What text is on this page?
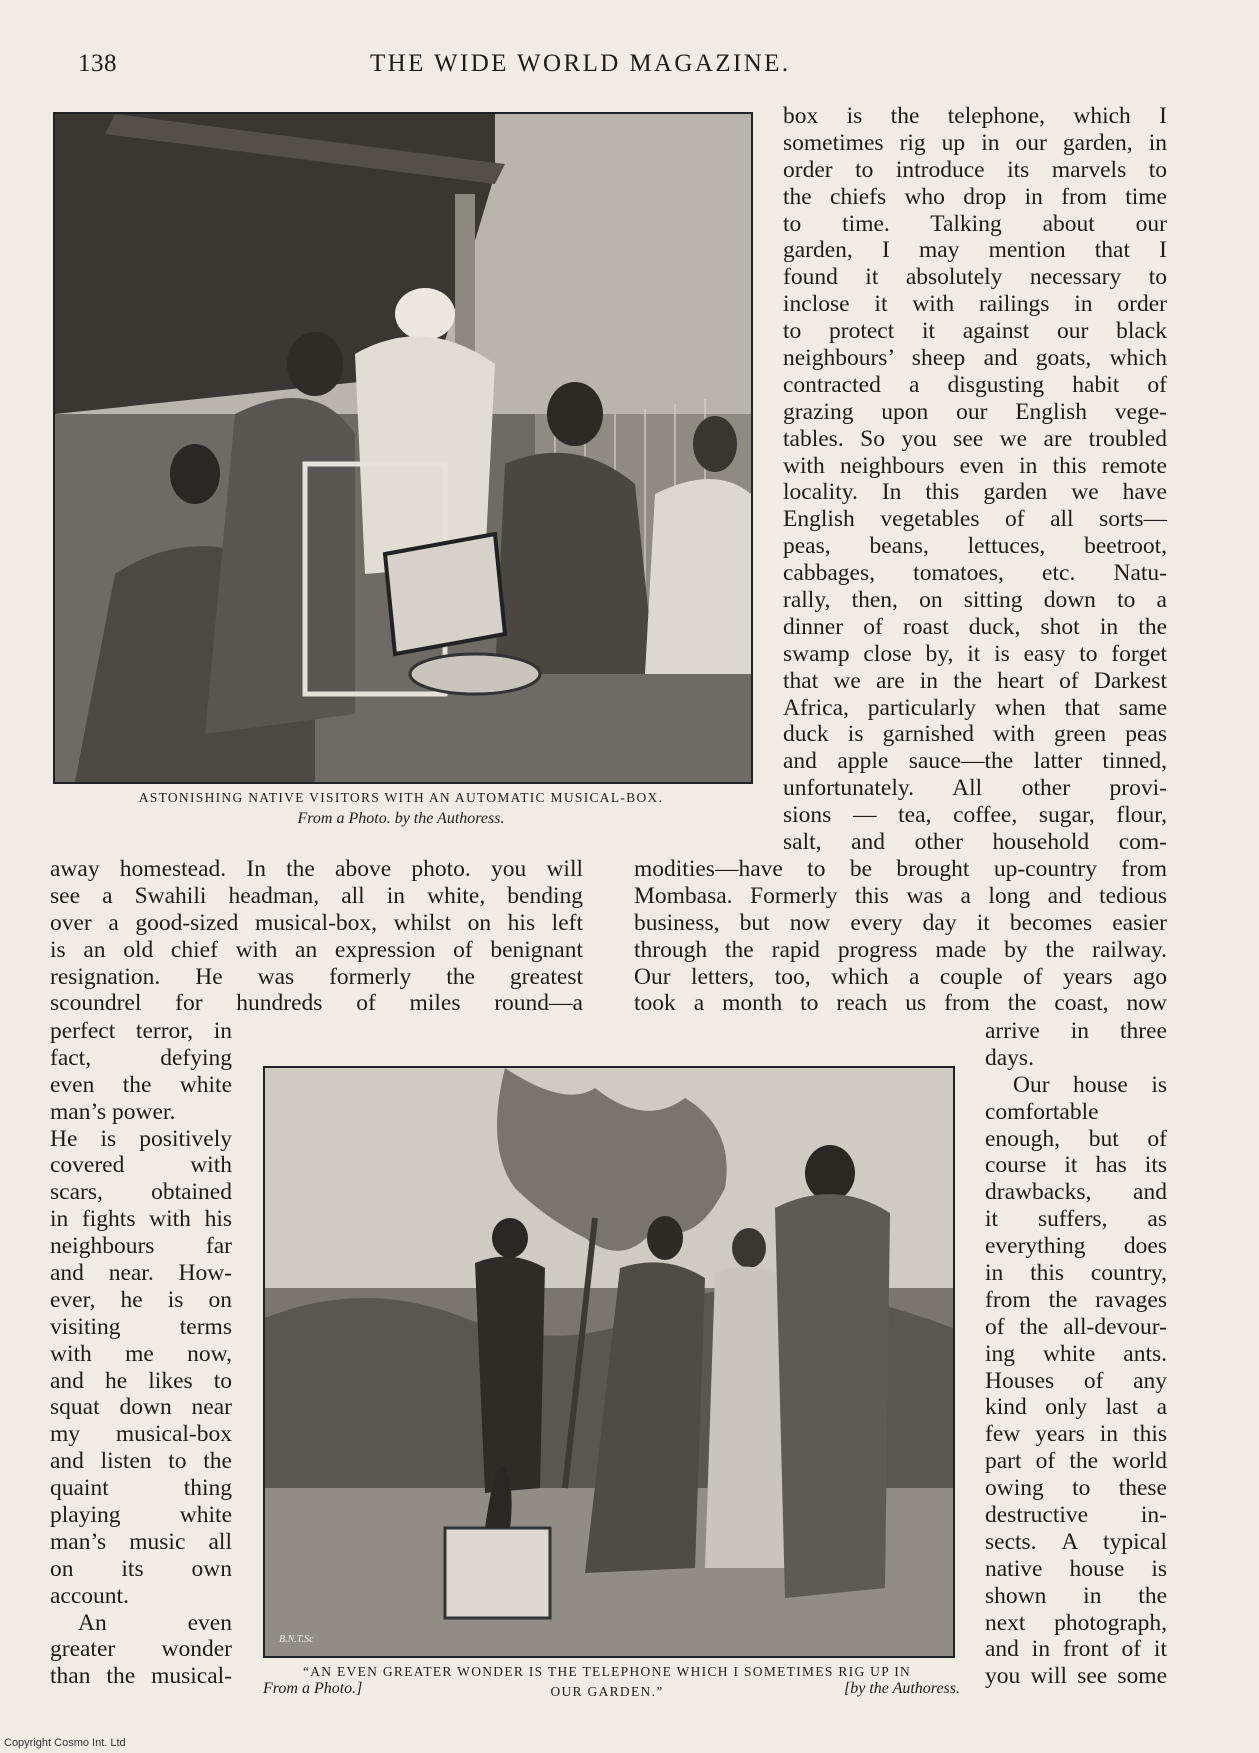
138	THE WIDE WORLD MAGAZINE.
ASTONISHING NATIVE VISITORS WITH AN AUTOMATIC MUSICAL-BOX.
From a Photo. by the Authoress.
box is the telephone, which I
sometimes rig up in our garden, in
order to introduce its marvels to
the chiefs who drop in from time
to time. Talking about our
garden, I may mention that I
found it absolutely necessary to
inclose it with railings in order
to protect it against our black
neighbours’ sheep and goats, which
contracted a disgusting habit of
grazing upon our English vege-
tables. So you see we are troubled
with neighbours even in this remote
locality. In this garden we have
English vegetables of all sorts—
peas, beans, lettuces, beetroot,
cabbages, tomatoes, etc. Natu-
rally, then, on sitting down to a
dinner of roast duck, shot in the
swamp close by, it is easy to forget
that we are in the heart of Darkest
Africa, particularly when that same
duck is garnished with green peas
and apple sauce—the latter tinned,
unfortunately. All other provi-
sions — tea, coffee, sugar, flour,
salt, and other household com-
modities—have to be brought up-country from
Mombasa. Formerly this was a long and tedious
business, but now every day it becomes easier
through the rapid progress made by the railway.
Our letters, too, which a couple of years ago
took a month to reach us from the coast, now
away homestead. In the above photo. you will
see a Swahili headman, all in white, bending
over a good-sized musical-box, whilst on his left
is an old chief with an expression of benignant
resignation. He was formerly the greatest
scoundrel for hundreds of miles round—a
perfect terror, in
fact, defying
even the white
man’s power.
He is positively
covered with
scars, obtained
in fights with his
neighbours far
and near. How-
ever, he is on
visiting terms
with me now,
and he likes to
squat down near
my musical-box
and listen to the
quaint thing
playing white
man’s music all
on its own
account.
An even
greater wonder
than the musical-
B.N.T.Sc
“AN EVEN GREATER WONDER IS THE TELEPHONE WHICH I SOMETIMES RIG UP IN
OUR GARDEN.”
From a Photo.]	[by the Authoress.
arrive in three
days.
Our house is
comfortable
enough, but of
course it has its
drawbacks, and
it suffers, as
everything does
in this country,
from the ravages
of the all-devour-
ing white ants.
Houses of any
kind only last a
few years in this
part of the world
owing to these
destructive in-
sects. A typical
native house is
shown in the
next photograph,
and in front of it
you will see some
Copyright Cosmo Int. Ltd
